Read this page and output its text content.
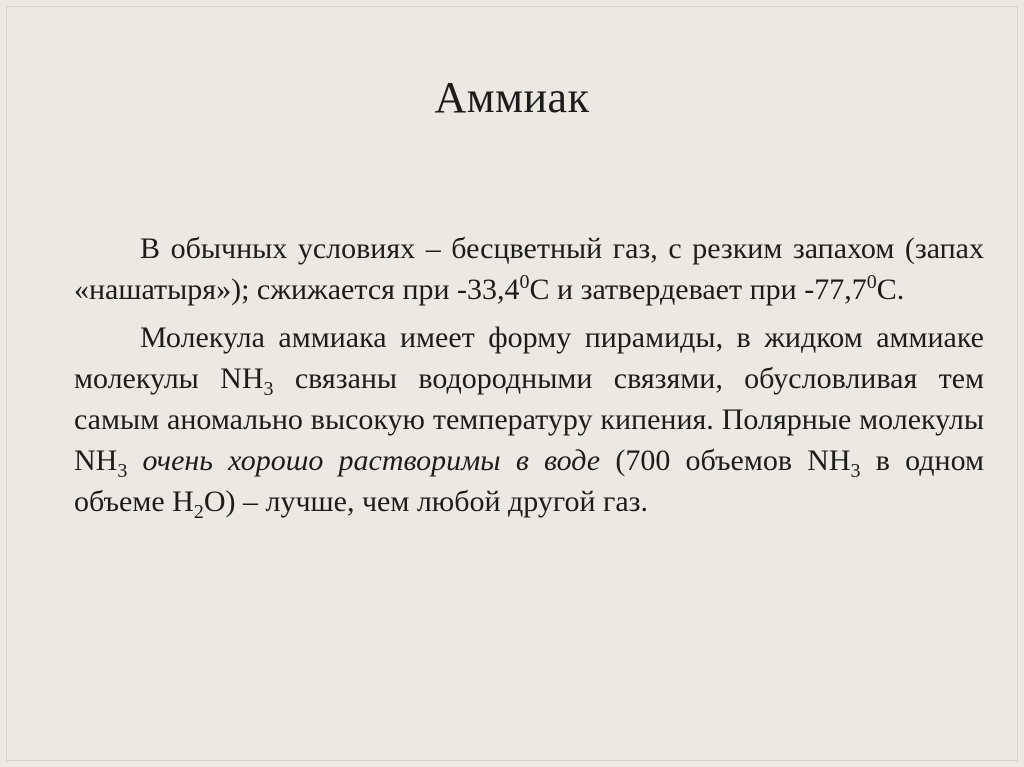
Аммиак

В обычных условиях – бесцветный газ, с резким запахом (запах «нашатыря»); сжижается при -33,4$^0$С и затвердевает при -77,7$^0$С.

Молекула аммиака имеет форму пирамиды, в жидком аммиаке молекулы $NH_3$ связаны водородными связями, обусловливая тем самым аномально высокую температуру кипения. Полярные молекулы $NH_3$ очень хорошо растворимы в воде (700 объемов $NH_3$ в одном объеме $H_2O$) – лучше, чем любой другой газ.
